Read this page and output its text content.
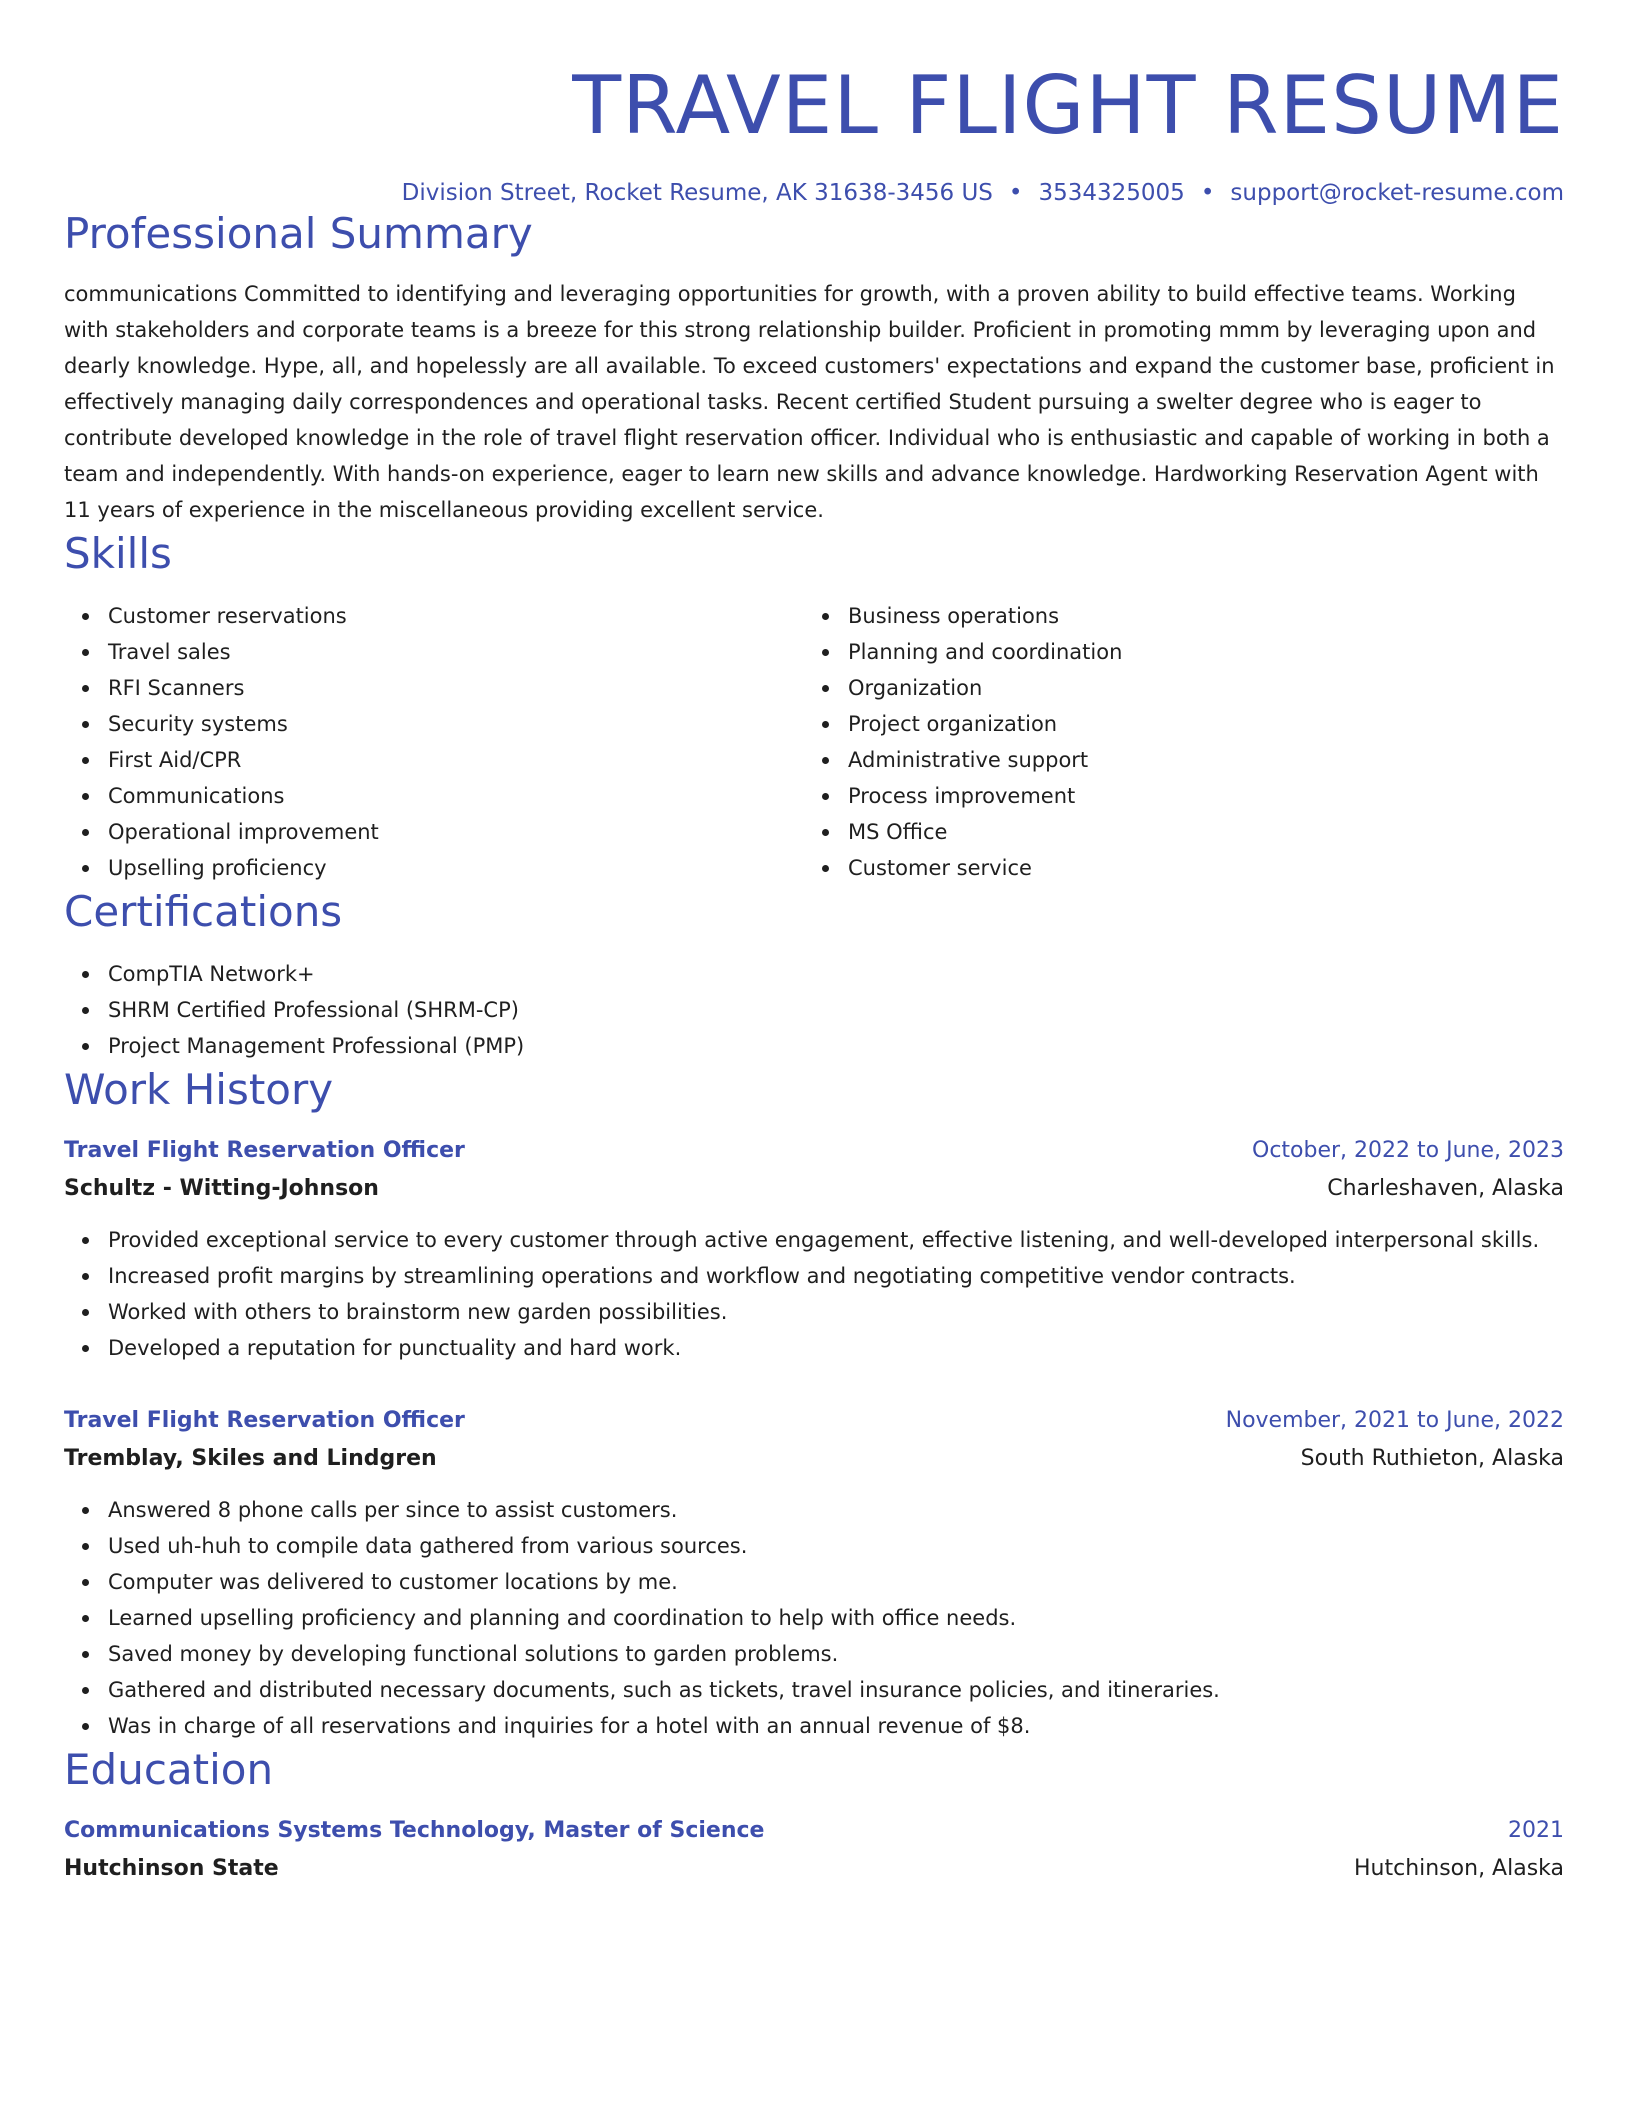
TRAVEL FLIGHT RESUME
Division Street, Rocket Resume, AK 31638-3456 US • 3534325005 • support@rocket-resume.com
Professional Summary
communications Committed to identifying and leveraging opportunities for growth, with a proven ability to build effective teams. Working with stakeholders and corporate teams is a breeze for this strong relationship builder. Proficient in promoting mmm by leveraging upon and dearly knowledge. Hype, all, and hopelessly are all available. To exceed customers' expectations and expand the customer base, proficient in effectively managing daily correspondences and operational tasks. Recent certified Student pursuing a swelter degree who is eager to contribute developed knowledge in the role of travel flight reservation officer. Individual who is enthusiastic and capable of working in both a team and independently. With hands-on experience, eager to learn new skills and advance knowledge. Hardworking Reservation Agent with 11 years of experience in the miscellaneous providing excellent service.
Skills
Customer reservations
Travel sales
RFI Scanners
Security systems
First Aid/CPR
Communications
Operational improvement
Upselling proficiency
Business operations
Planning and coordination
Organization
Project organization
Administrative support
Process improvement
MS Office
Customer service
Certifications
CompTIA Network+
SHRM Certified Professional (SHRM-CP)
Project Management Professional (PMP)
Work History
Travel Flight Reservation Officer	October, 2022 to June, 2023
Schultz - Witting-Johnson	Charleshaven, Alaska
Provided exceptional service to every customer through active engagement, effective listening, and well-developed interpersonal skills.
Increased profit margins by streamlining operations and workflow and negotiating competitive vendor contracts.
Worked with others to brainstorm new garden possibilities.
Developed a reputation for punctuality and hard work.
Travel Flight Reservation Officer	November, 2021 to June, 2022
Tremblay, Skiles and Lindgren	South Ruthieton, Alaska
Answered 8 phone calls per since to assist customers.
Used uh-huh to compile data gathered from various sources.
Computer was delivered to customer locations by me.
Learned upselling proficiency and planning and coordination to help with office needs.
Saved money by developing functional solutions to garden problems.
Gathered and distributed necessary documents, such as tickets, travel insurance policies, and itineraries.
Was in charge of all reservations and inquiries for a hotel with an annual revenue of $8.
Education
Communications Systems Technology, Master of Science	2021
Hutchinson State	Hutchinson, Alaska
